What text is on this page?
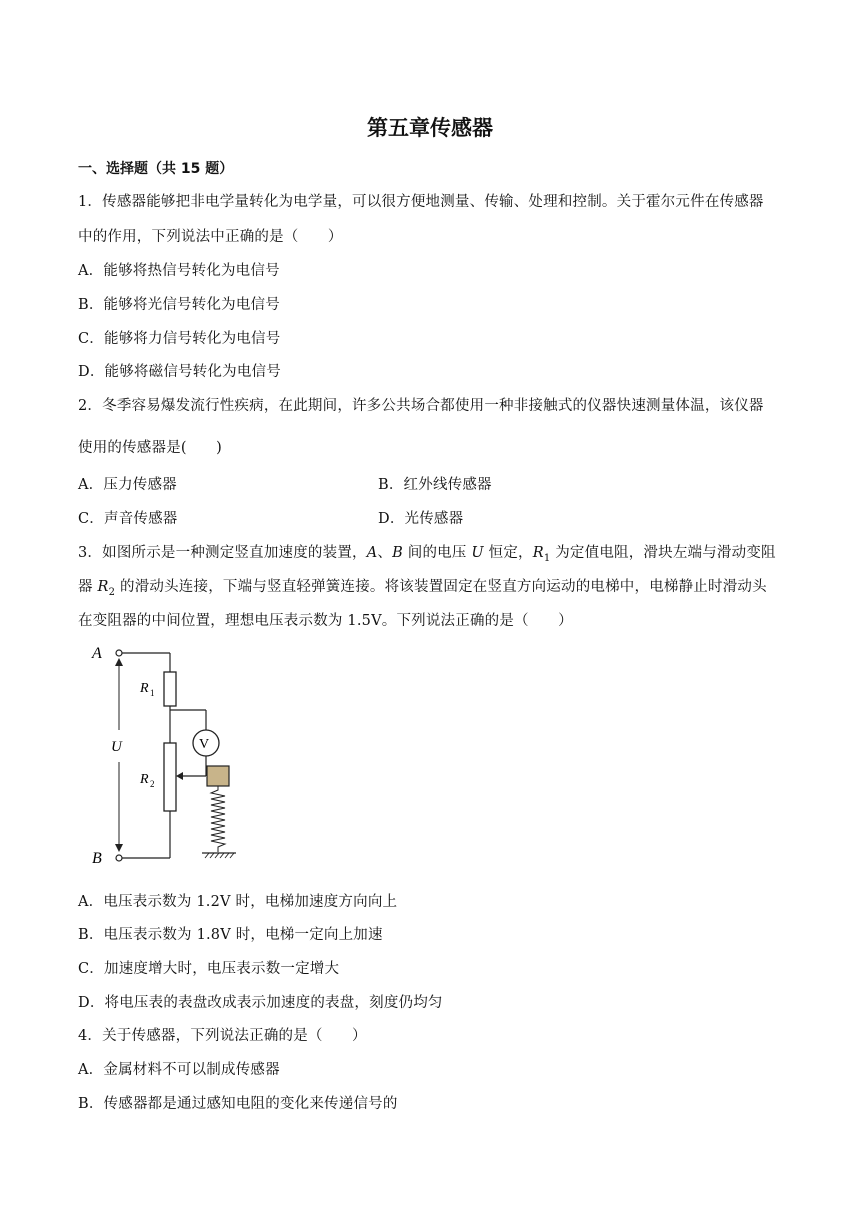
第五章传感器
一、选择题（共 15 题）
1．传感器能够把非电学量转化为电学量，可以很方便地测量、传输、处理和控制。关于霍尔元件在传感器
中的作用，下列说法中正确的是（　　）
A．能够将热信号转化为电信号
B．能够将光信号转化为电信号
C．能够将力信号转化为电信号
D．能够将磁信号转化为电信号
2．冬季容易爆发流行性疾病，在此期间，许多公共场合都使用一种非接触式的仪器快速测量体温，该仪器
使用的传感器是(　　)
A．压力传感器	B．红外线传感器
C．声音传感器	D．光传感器
3．如图所示是一种测定竖直加速度的装置，A、B 间的电压 U 恒定，$R_1$ 为定值电阻，滑块左端与滑动变阻
器 $R_2$ 的滑动头连接，下端与竖直轻弹簧连接。将该装置固定在竖直方向运动的电梯中，电梯静止时滑动头
在变阻器的中间位置，理想电压表示数为 1.5V。下列说法正确的是（　　）
A
B
U
R 1
R 2
V
A．电压表示数为 1.2V 时，电梯加速度方向向上
B．电压表示数为 1.8V 时，电梯一定向上加速
C．加速度增大时，电压表示数一定增大
D．将电压表的表盘改成表示加速度的表盘，刻度仍均匀
4．关于传感器，下列说法正确的是（　　）
A．金属材料不可以制成传感器
B．传感器都是通过感知电阻的变化来传递信号的
